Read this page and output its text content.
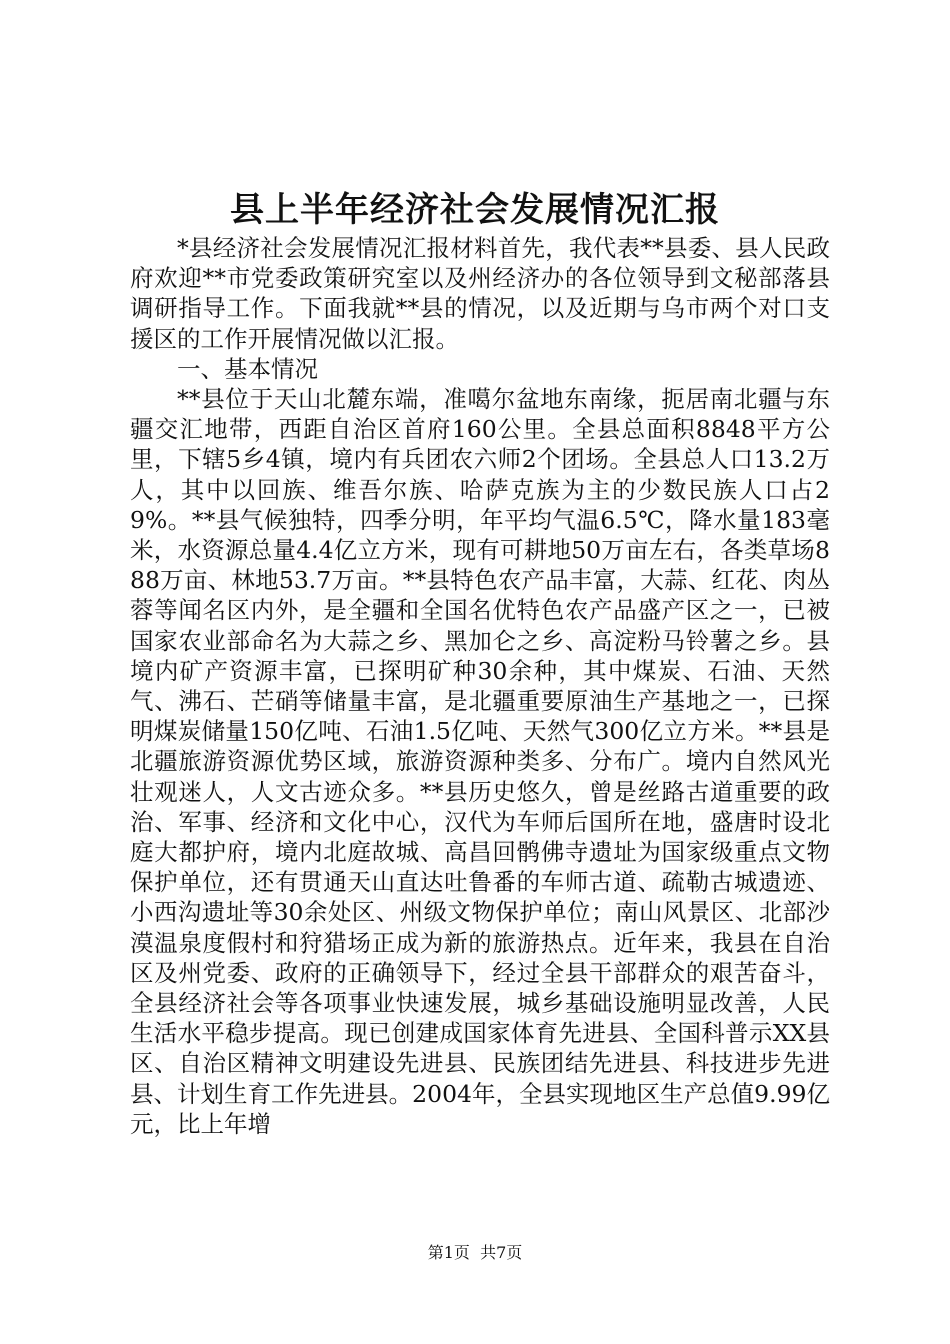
县上半年经济社会发展情况汇报

*县经济社会发展情况汇报材料首先，我代表**县委、县人民政府欢迎**市党委政策研究室以及州经济办的各位领导到文秘部落县调研指导工作。下面我就**县的情况，以及近期与乌市两个对口支援区的工作开展情况做以汇报。

一、基本情况

**县位于天山北麓东端，准噶尔盆地东南缘，扼居南北疆与东疆交汇地带，西距自治区首府160公里。全县总面积8848平方公里，下辖5乡4镇，境内有兵团农六师2个团场。全县总人口13.2万人，其中以回族、维吾尔族、哈萨克族为主的少数民族人口占29%。**县气候独特，四季分明，年平均气温6.5℃，降水量183毫米，水资源总量4.4亿立方米，现有可耕地50万亩左右，各类草场888万亩、林地53.7万亩。**县特色农产品丰富，大蒜、红花、肉丛蓉等闻名区内外，是全疆和全国名优特色农产品盛产区之一，已被国家农业部命名为大蒜之乡、黑加仑之乡、高淀粉马铃薯之乡。县境内矿产资源丰富，已探明矿种30余种，其中煤炭、石油、天然气、沸石、芒硝等储量丰富，是北疆重要原油生产基地之一，已探明煤炭储量150亿吨、石油1.5亿吨、天然气300亿立方米。**县是北疆旅游资源优势区域，旅游资源种类多、分布广。境内自然风光壮观迷人，人文古迹众多。**县历史悠久，曾是丝路古道重要的政治、军事、经济和文化中心，汉代为车师后国所在地，盛唐时设北庭大都护府，境内北庭故城、高昌回鹘佛寺遗址为国家级重点文物保护单位，还有贯通天山直达吐鲁番的车师古道、疏勒古城遗迹、小西沟遗址等30余处区、州级文物保护单位；南山风景区、北部沙漠温泉度假村和狩猎场正成为新的旅游热点。近年来，我县在自治区及州党委、政府的正确领导下，经过全县干部群众的艰苦奋斗，全县经济社会等各项事业快速发展，城乡基础设施明显改善，人民生活水平稳步提高。现已创建成国家体育先进县、全国科普示XX县区、自治区精神文明建设先进县、民族团结先进县、科技进步先进县、计划生育工作先进县。2004年，全县实现地区生产总值9.99亿元，比上年增

第1页 共7页
